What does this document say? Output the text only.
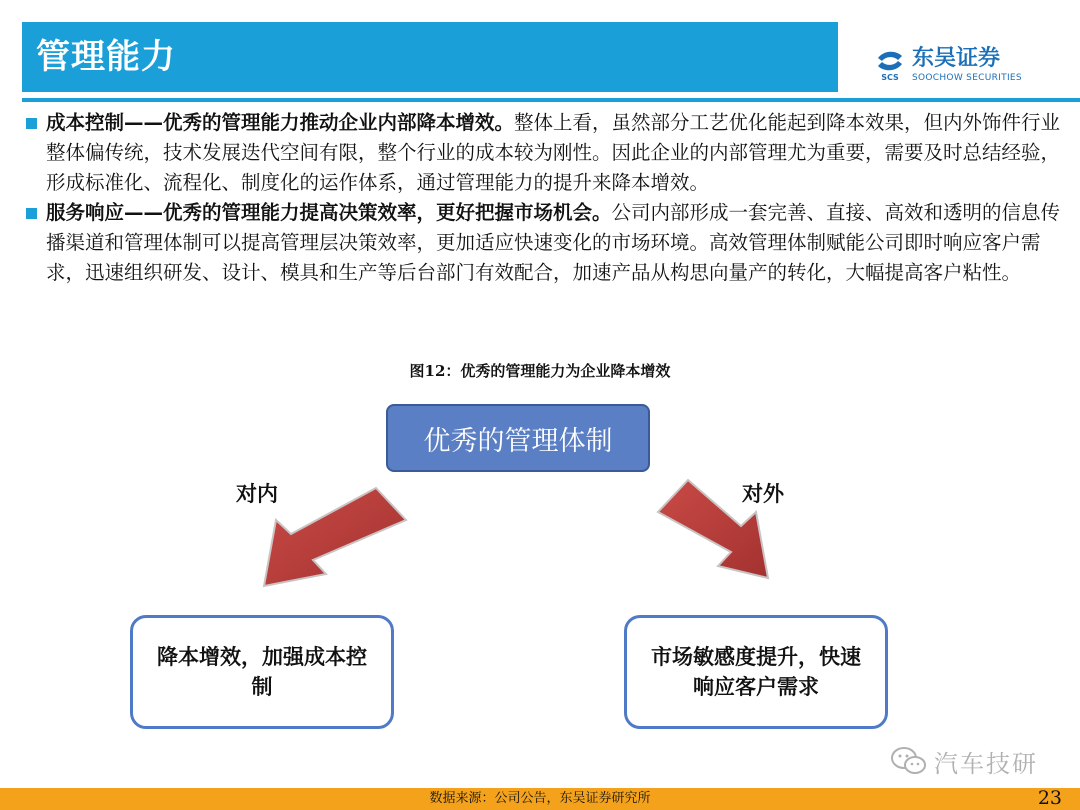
管理能力
SCS
东吴证券
SOOCHOW SECURITIES

成本控制——优秀的管理能力推动企业内部降本增效。整体上看，虽然部分工艺优化能起到降本效果，但内外饰件行业整体偏传统，技术发展迭代空间有限，整个行业的成本较为刚性。因此企业的内部管理尤为重要，需要及时总结经验，形成标准化、流程化、制度化的运作体系，通过管理能力的提升来降本增效。

服务响应——优秀的管理能力提高决策效率，更好把握市场机会。公司内部形成一套完善、直接、高效和透明的信息传播渠道和管理体制可以提高管理层决策效率，更加适应快速变化的市场环境。高效管理体制赋能公司即时响应客户需求，迅速组织研发、设计、模具和生产等后台部门有效配合，加速产品从构思向量产的转化，大幅提高客户粘性。

图12：优秀的管理能力为企业降本增效
优秀的管理体制
对内	对外
降本增效，加强成本控制
市场敏感度提升，快速响应客户需求
汽车技研
数据来源：公司公告，东吴证券研究所	23
